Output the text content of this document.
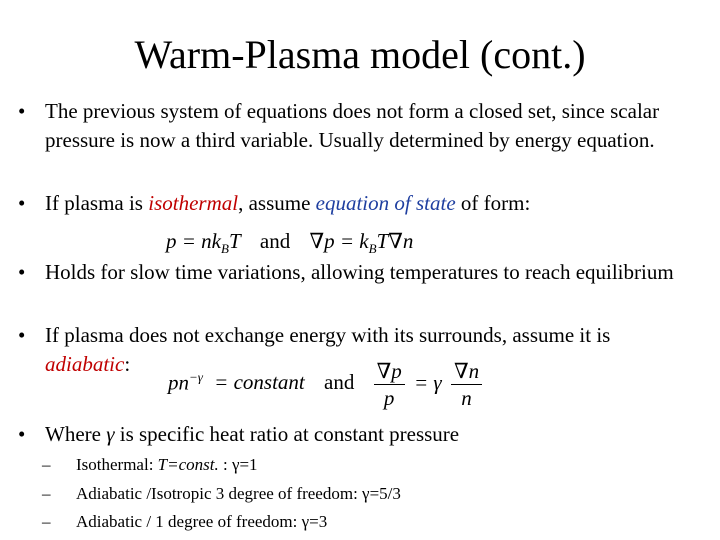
Warm-Plasma model (cont.)
• The previous system of equations does not form a closed set, since scalar pressure is now a third variable. Usually determined by energy equation.
• If plasma is isothermal, assume equation of state of form:
$p = nk_BT$ and $\nabla p = k_BT\nabla n$
• Holds for slow time variations, allowing temperatures to reach equilibrium
• If plasma does not exchange energy with its surrounds, assume it is
adiabatic:
$pn^{-\gamma}$ = constant and $\frac{\nabla p}{p} = \gamma \frac{\nabla n}{n}$
• Where γ is specific heat ratio at constant pressure
– Isothermal: T=const. : γ=1
– Adiabatic /Isotropic 3 degree of freedom: γ=5/3
– Adiabatic / 1 degree of freedom: γ=3
